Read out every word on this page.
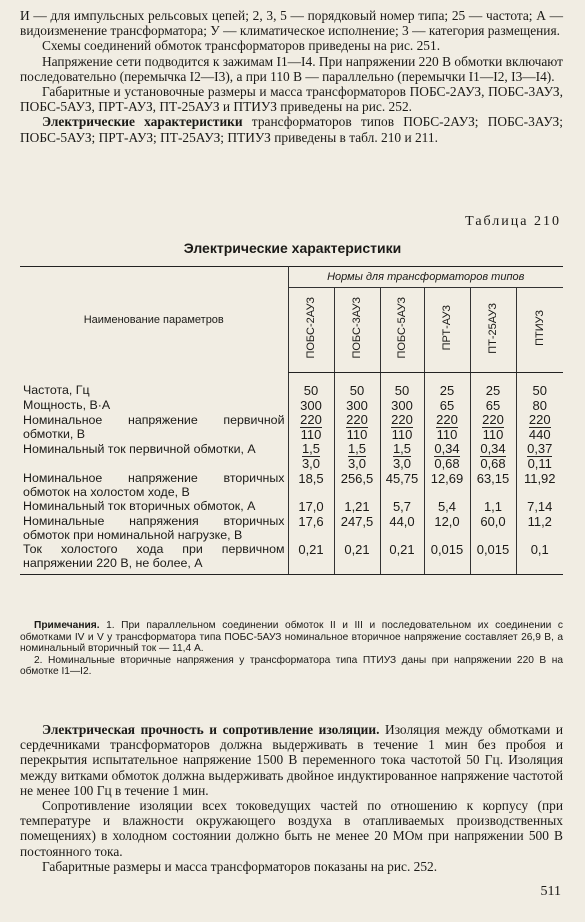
И — для импульсных рельсовых цепей; 2, 3, 5 — порядковый номер типа; 25 — частота; А — видоизменение трансформатора; У — климатическое исполнение; 3 — категория размещения.

Схемы соединений обмоток трансформаторов приведены на рис. 251.

Напряжение сети подводится к зажимам I1—I4. При напряжении 220 В обмотки включают последовательно (перемычка I2—I3), а при 110 В — параллельно (перемычки I1—I2, I3—I4).

Габаритные и установочные размеры и масса трансформаторов ПОБС-2АУЗ, ПОБС-3АУЗ, ПОБС-5АУЗ, ПРТ-АУЗ, ПТ-25АУЗ и ПТИУЗ приведены на рис. 252.

Электрические характеристики трансформаторов типов ПОБС-2АУЗ; ПОБС-3АУЗ; ПОБС-5АУЗ; ПРТ-АУЗ; ПТ-25АУЗ; ПТИУЗ приведены в табл. 210 и 211.

Таблица 210
Электрические характеристики
Наименование параметров	Нормы для трансформаторов типов					
	ПОБС-2АУЗ	ПОБС-3АУЗ	ПОБС-5АУЗ	ПРТ-АУЗ	ПТ-25АУЗ	ПТИУЗ

Частота, Гц	50	50	50	25	25	50
Мощность, В·А	300	300	300	65	65	80
Номинальное напряжение первичной обмотки, В	$\frac{220}{110}$	$\frac{220}{110}$	$\frac{220}{110}$	$\frac{220}{110}$	$\frac{220}{110}$	$\frac{220}{440}$

Номинальный ток первичной обмотки, А	$\frac{1,5}{3,0}$	$\frac{1,5}{3,0}$	$\frac{1,5}{3,0}$	$\frac{0,34}{0,68}$	$\frac{0,34}{0,68}$	$\frac{0,37}{0,11}$

Номинальное напряжение вторичных обмоток на холостом ходе, В	18,5	256,5	45,75	12,69	63,15	11,92
Номинальный ток вторичных обмоток, А	17,0	1,21	5,7	5,4	1,1	7,14
Номинальные напряжения вторичных обмоток при номинальной нагрузке, В	17,6	247,5	44,0	12,0	60,0	11,2
Ток холостого хода при первичном напряжении 220 В, не более, А	0,21	0,21	0,21	0,015	0,015	0,1

Примечания. 1. При параллельном соединении обмоток II и III и последовательном их соединении с обмотками IV и V у трансформатора типа ПОБС-5АУЗ номинальное вторичное напряжение составляет 26,9 В, а номинальный вторичный ток — 11,4 А.

2. Номинальные вторичные напряжения у трансформатора типа ПТИУЗ даны при напряжении 220 В на обмотке I1—I2.

Электрическая прочность и сопротивление изоляции. Изоляция между обмотками и сердечниками трансформаторов должна выдерживать в течение 1 мин без пробоя и перекрытия испытательное напряжение 1500 В переменного тока частотой 50 Гц. Изоляция между витками обмоток должна выдерживать двойное индуктированное напряжение частотой не менее 100 Гц в течение 1 мин.

Сопротивление изоляции всех токоведущих частей по отношению к корпусу (при температуре и влажности окружающего воздуха в отапливаемых производственных помещениях) в холодном состоянии должно быть не менее 20 МОм при напряжении 500 В постоянного тока.

Габаритные размеры и масса трансформаторов показаны на рис. 252.

511
